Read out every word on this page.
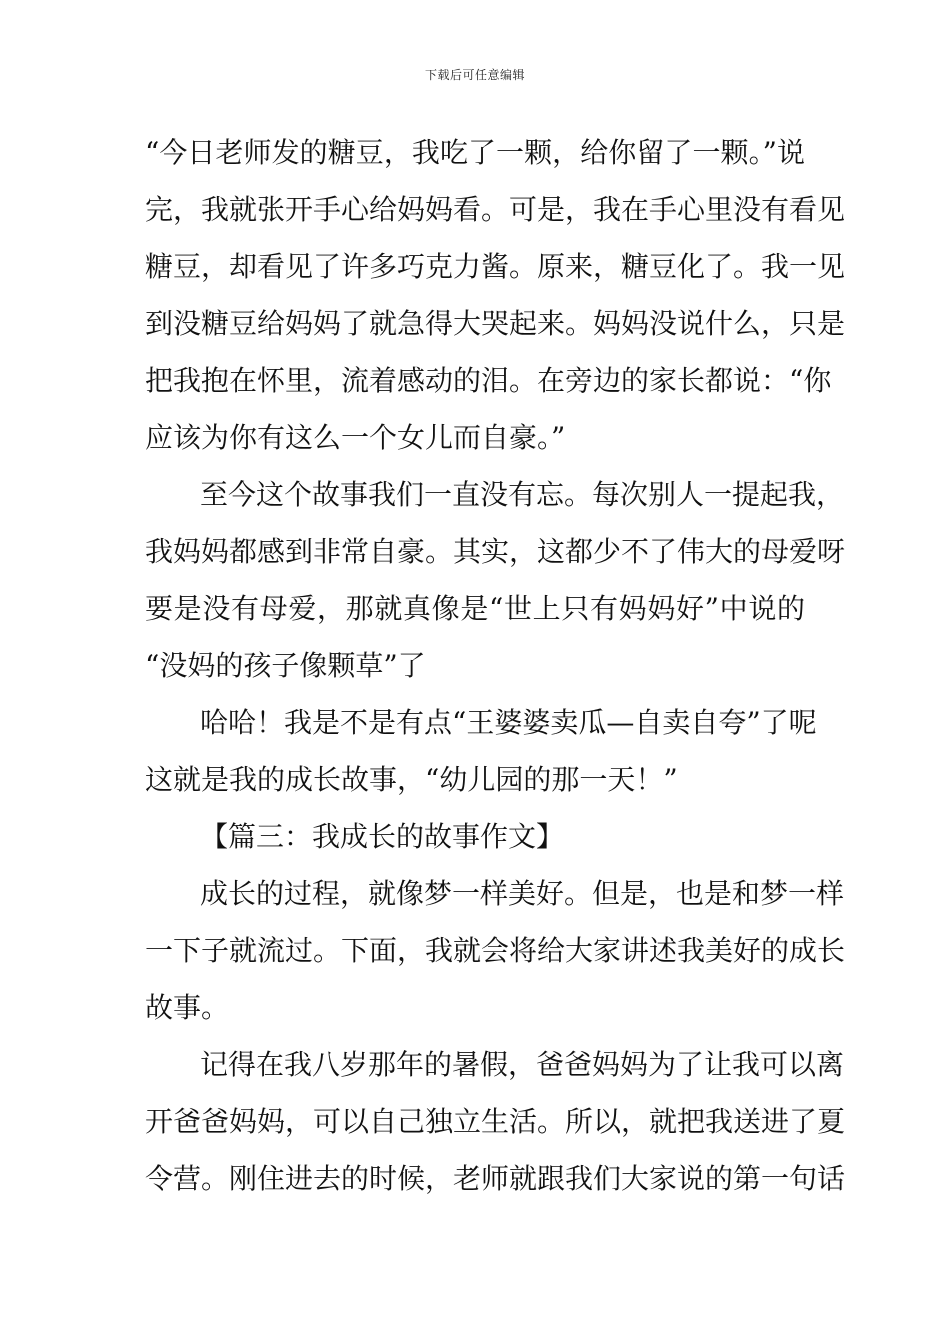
下载后可任意编辑
“今日老师发的糖豆，我吃了一颗，给你留了一颗。”说
完，我就张开手心给妈妈看。可是，我在手心里没有看见
糖豆，却看见了许多巧克力酱。原来，糖豆化了。我一见
到没糖豆给妈妈了就急得大哭起来。妈妈没说什么，只是
把我抱在怀里，流着感动的泪。在旁边的家长都说：“你
应该为你有这么一个女儿而自豪。”
至今这个故事我们一直没有忘。每次别人一提起我，
我妈妈都感到非常自豪。其实，这都少不了伟大的母爱呀
要是没有母爱，那就真像是“世上只有妈妈好”中说的
“没妈的孩子像颗草”了
哈哈！我是不是有点“王婆婆卖瓜—自卖自夸”了呢
这就是我的成长故事，“幼儿园的那一天！”
【篇三：我成长的故事作文】
成长的过程，就像梦一样美好。但是，也是和梦一样
一下子就流过。下面，我就会将给大家讲述我美好的成长
故事。
记得在我八岁那年的暑假，爸爸妈妈为了让我可以离
开爸爸妈妈，可以自己独立生活。所以，就把我送进了夏
令营。刚住进去的时候，老师就跟我们大家说的第一句话
